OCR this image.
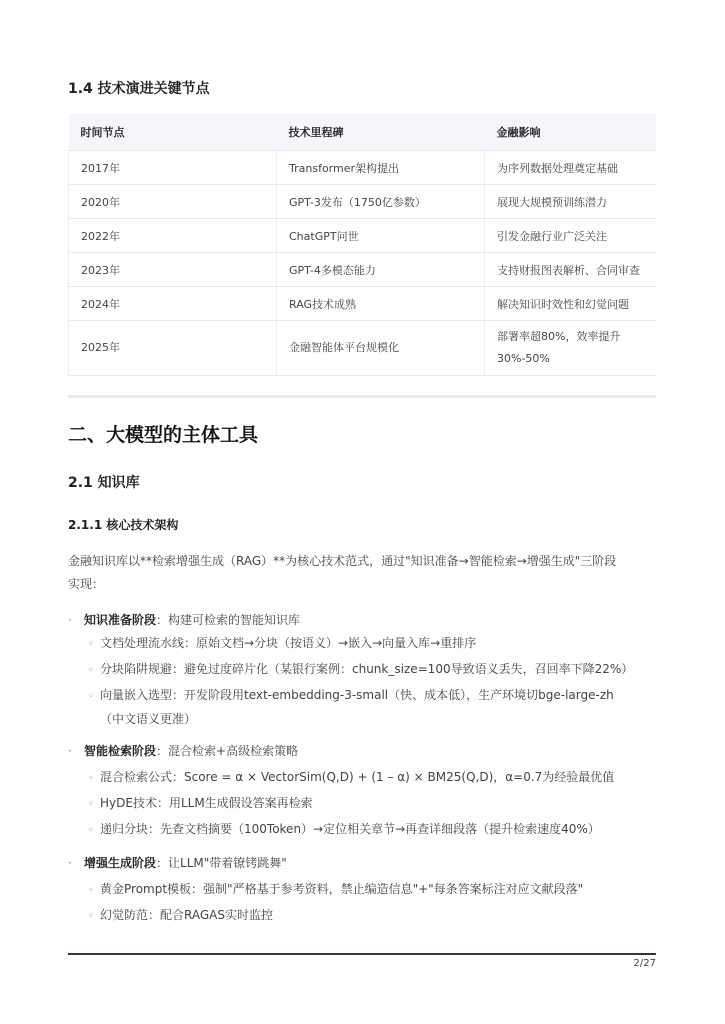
1.4 技术演进关键节点
时间节点	技术里程碑	金融影响
2017年	Transformer架构提出	为序列数据处理奠定基础
2020年	GPT-3发布（1750亿参数）	展现大规模预训练潜力
2022年	ChatGPT问世	引发金融行业广泛关注
2023年	GPT-4多模态能力	支持财报图表解析、合同审查
2024年	RAG技术成熟	解决知识时效性和幻觉问题
2025年	金融智能体平台规模化	部署率超80%，效率提升
30%-50%
二、大模型的主体工具
2.1 知识库
2.1.1 核心技术架构
金融知识库以**检索增强生成（RAG）**为核心技术范式，通过"知识准备→智能检索→增强生成"三阶段
实现：
· 知识准备阶段：构建可检索的智能知识库
◦ 文档处理流水线：原始文档→分块（按语义）→嵌入→向量入库→重排序
◦ 分块陷阱规避：避免过度碎片化（某银行案例：chunk_size=100导致语义丢失，召回率下降22%）
◦ 向量嵌入选型：开发阶段用text-embedding-3-small（快、成本低），生产环境切bge-large-zh
（中文语义更准）
· 智能检索阶段：混合检索+高级检索策略
◦ 混合检索公式：Score = α × VectorSim(Q,D) + (1 – α) × BM25(Q,D)，α=0.7为经验最优值
◦ HyDE技术：用LLM生成假设答案再检索
◦ 递归分块：先查文档摘要（100Token）→定位相关章节→再查详细段落（提升检索速度40%）
· 增强生成阶段：让LLM"带着镣铐跳舞"
◦ 黄金Prompt模板：强制"严格基于参考资料，禁止编造信息"+"每条答案标注对应文献段落"
◦ 幻觉防范：配合RAGAS实时监控
2/27
